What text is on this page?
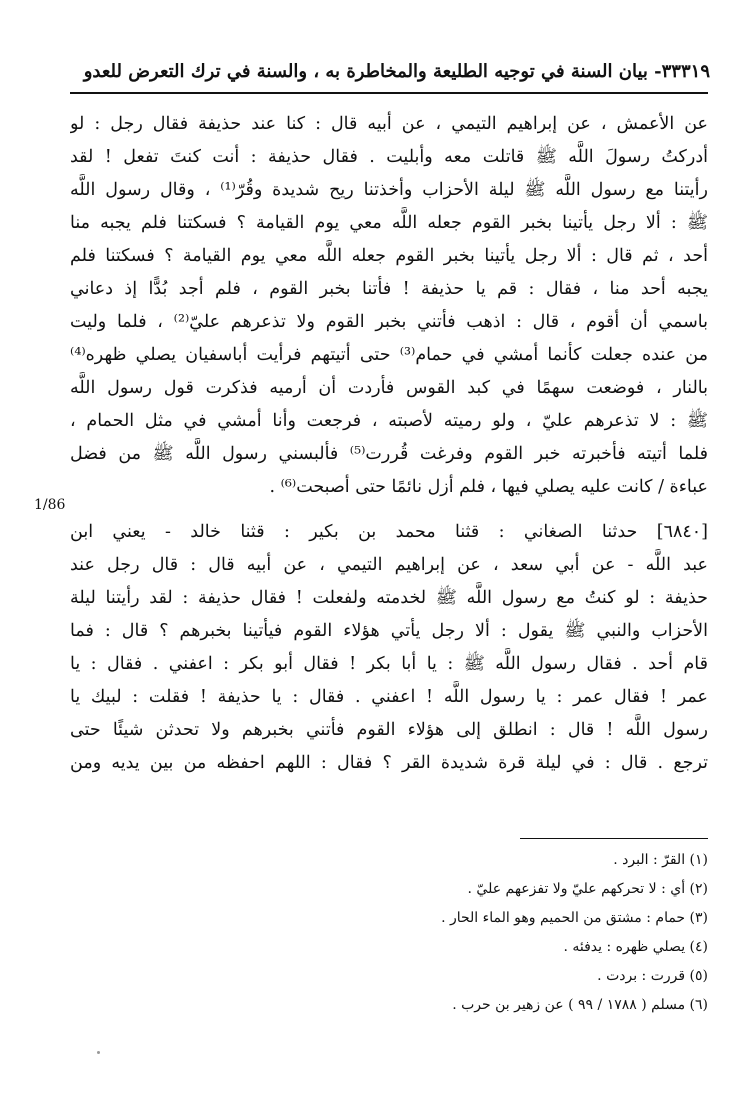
٣١٩
٣٣- بيان السنة في توجيه الطليعة والمخاطرة به ، والسنة في ترك التعرض للعدو
1/86
عن الأعمش ، عن إبراهيم التيمي ، عن أبيه قال : كنا عند حذيفة فقال رجل : لو
أدركتُ رسولَ اللَّه ﷺ قاتلت معه وأبليت . فقال حذيفة : أنت كنتَ تفعل ! لقد
رأيتنا مع رسول اللَّه ﷺ ليلة الأحزاب وأخذتنا ريح شديدة وقُرّ⁽¹⁾ ، وقال رسول اللَّه
ﷺ : ألا رجل يأتينا بخبر القوم جعله اللَّه معي يوم القيامة ؟ فسكتنا فلم يجبه منا
أحد ، ثم قال : ألا رجل يأتينا بخبر القوم جعله اللَّه معي يوم القيامة ؟ فسكتنا فلم
يجبه أحد منا ، فقال : قم يا حذيفة ! فأتنا بخبر القوم ، فلم أجد بُدًّا إذ دعاني
باسمي أن أقوم ، قال : اذهب فأتني بخبر القوم ولا تذعرهم عليّ⁽²⁾ ، فلما وليت
من عنده جعلت كأنما أمشي في حمام⁽³⁾ حتى أتيتهم فرأيت أباسفيان يصلي ظهره⁽⁴⁾
بالنار ، فوضعت سهمًا في كبد القوس فأردت أن أرميه فذكرت قول رسول اللَّه
ﷺ : لا تذعرهم عليّ ، ولو رميته لأصبته ، فرجعت وأنا أمشي في مثل الحمام ،
فلما أتيته فأخبرته خبر القوم وفرغت قُررت⁽⁵⁾ فألبسني رسول اللَّه ﷺ من فضل
عباءة / كانت عليه يصلي فيها ، فلم أزل نائمًا حتى أصبحت⁽⁶⁾ .
[٦٨٤٠] حدثنا الصغاني : قثنا محمد بن بكير : قثنا خالد - يعني ابن
عبد اللَّه - عن أبي سعد ، عن إبراهيم التيمي ، عن أبيه قال : قال رجل عند
حذيفة : لو كنتُ مع رسول اللَّه ﷺ لخدمته ولفعلت ! فقال حذيفة : لقد رأيتنا ليلة
الأحزاب والنبي ﷺ يقول : ألا رجل يأتي هؤلاء القوم فيأتينا بخبرهم ؟ قال : فما
قام أحد . فقال رسول اللَّه ﷺ : يا أبا بكر ! فقال أبو بكر : اعفني . فقال : يا
عمر ! فقال عمر : يا رسول اللَّه ! اعفني . فقال : يا حذيفة ! فقلت : لبيك يا
رسول اللَّه ! قال : انطلق إلى هؤلاء القوم فأتني بخبرهم ولا تحدثن شيئًا حتى
ترجع . قال : في ليلة قرة شديدة القر ؟ فقال : اللهم احفظه من بين يديه ومن
(١) القرّ : البرد .
(٢) أي : لا تحركهم عليّ ولا تفزعهم عليّ .
(٣) حمام : مشتق من الحميم وهو الماء الحار .
(٤) يصلي ظهره : يدفئه .
(٥) قررت : بردت .
(٦) مسلم ( ١٧٨٨ / ٩٩ ) عن زهير بن حرب .
